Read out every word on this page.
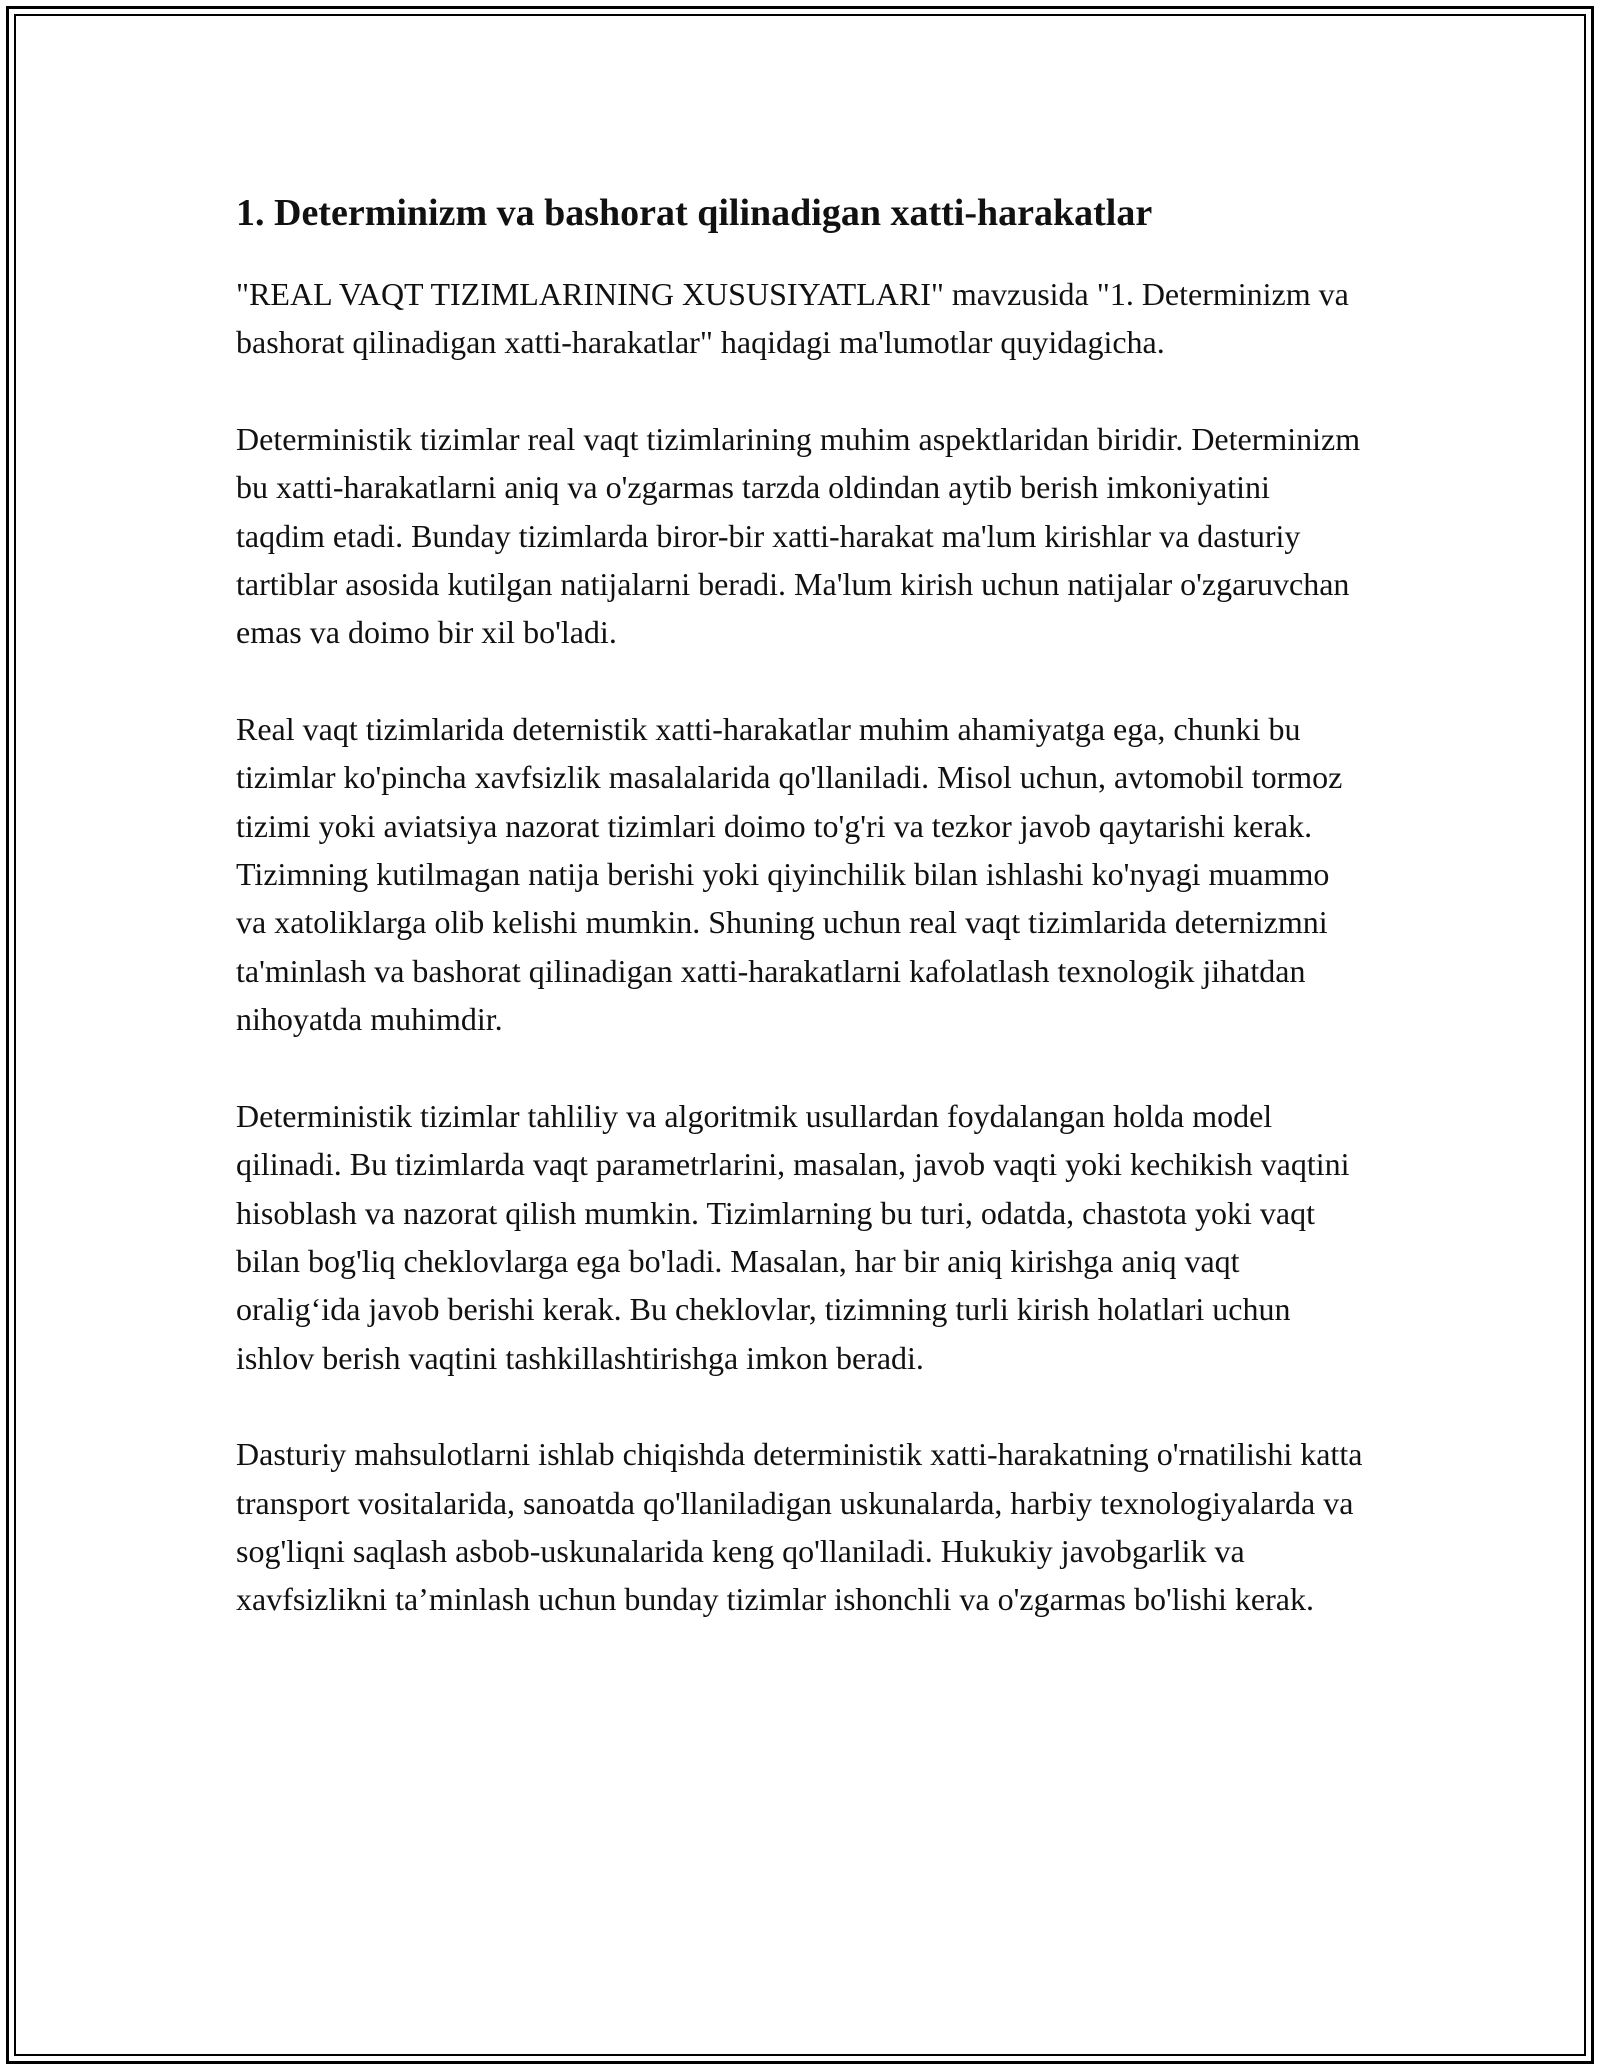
1. Determinizm va bashorat qilinadigan xatti-harakatlar

"REAL VAQT TIZIMLARINING XUSUSIYATLARI" mavzusida "1. Determinizm va bashorat qilinadigan xatti-harakatlar" haqidagi ma'lumotlar quyidagicha.

Deterministik tizimlar real vaqt tizimlarining muhim aspektlaridan biridir. Determinizm bu xatti-harakatlarni aniq va o'zgarmas tarzda oldindan aytib berish imkoniyatini taqdim etadi. Bunday tizimlarda biror-bir xatti-harakat ma'lum kirishlar va dasturiy tartiblar asosida kutilgan natijalarni beradi. Ma'lum kirish uchun natijalar o'zgaruvchan emas va doimo bir xil bo'ladi.

Real vaqt tizimlarida deternistik xatti-harakatlar muhim ahamiyatga ega, chunki bu tizimlar ko'pincha xavfsizlik masalalarida qo'llaniladi. Misol uchun, avtomobil tormoz tizimi yoki aviatsiya nazorat tizimlari doimo to'g'ri va tezkor javob qaytarishi kerak. Tizimning kutilmagan natija berishi yoki qiyinchilik bilan ishlashi ko'nyagi muammo va xatoliklarga olib kelishi mumkin. Shuning uchun real vaqt tizimlarida deternizmni ta'minlash va bashorat qilinadigan xatti-harakatlarni kafolatlash texnologik jihatdan nihoyatda muhimdir.

Deterministik tizimlar tahliliy va algoritmik usullardan foydalangan holda model qilinadi. Bu tizimlarda vaqt parametrlarini, masalan, javob vaqti yoki kechikish vaqtini hisoblash va nazorat qilish mumkin. Tizimlarning bu turi, odatda, chastota yoki vaqt bilan bog'liq cheklovlarga ega bo'ladi. Masalan, har bir aniq kirishga aniq vaqt oralig‘ida javob berishi kerak. Bu cheklovlar, tizimning turli kirish holatlari uchun ishlov berish vaqtini tashkillashtirishga imkon beradi.

Dasturiy mahsulotlarni ishlab chiqishda deterministik xatti-harakatning o'rnatilishi katta transport vositalarida, sanoatda qo'llaniladigan uskunalarda, harbiy texnologiyalarda va sog'liqni saqlash asbob-uskunalarida keng qo'llaniladi. Hukukiy javobgarlik va xavfsizlikni ta’minlash uchun bunday tizimlar ishonchli va o'zgarmas bo'lishi kerak.
